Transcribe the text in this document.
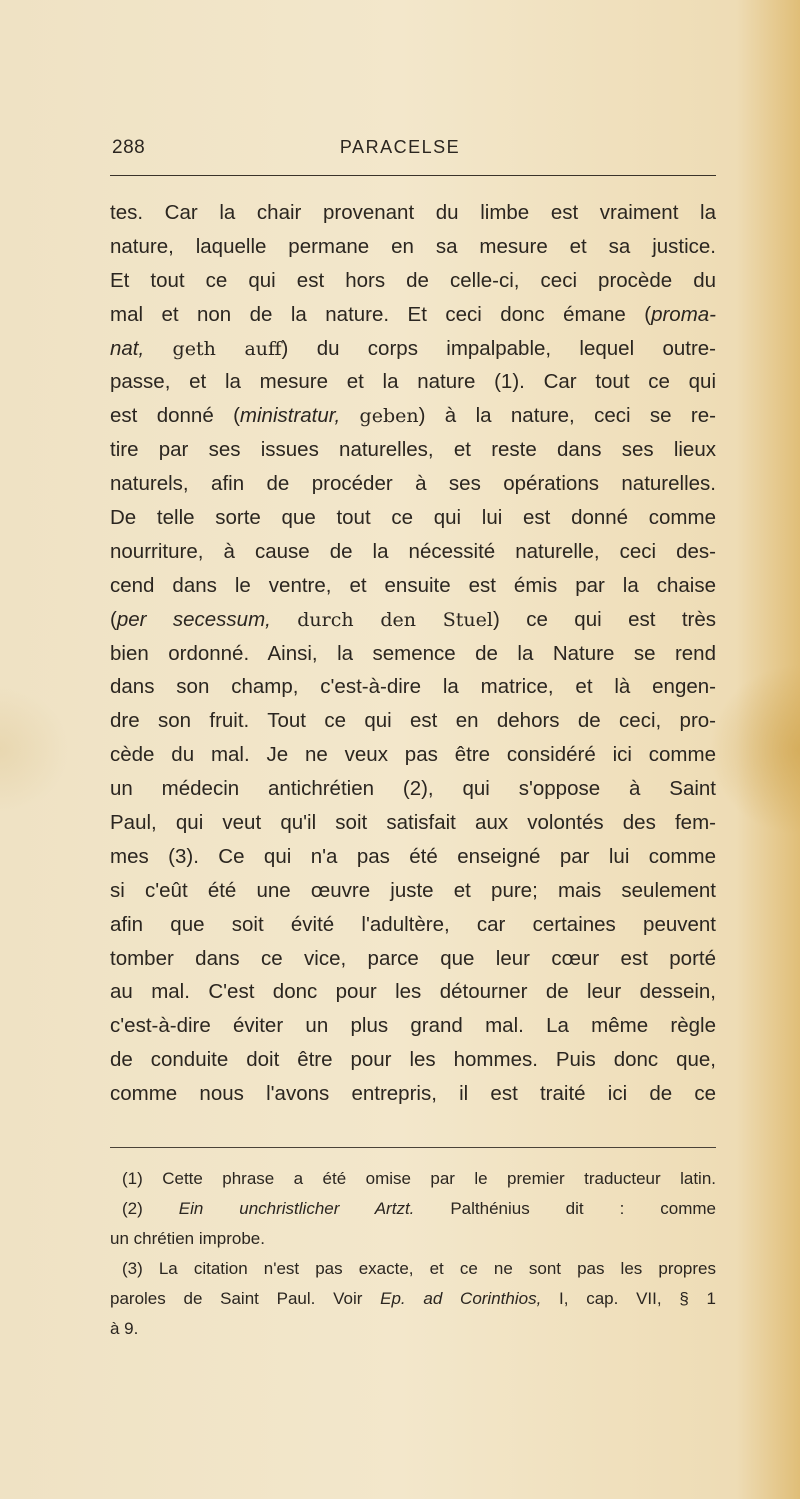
288	PARACELSE
tes. Car la chair provenant du limbe est vraiment la
nature, laquelle permane en sa mesure et sa justice.
Et tout ce qui est hors de celle-ci, ceci procède du
mal et non de la nature. Et ceci donc émane (proma-
nat, geth auff) du corps impalpable, lequel outre-
passe, et la mesure et la nature (1). Car tout ce qui
est donné (ministratur, geben) à la nature, ceci se re-
tire par ses issues naturelles, et reste dans ses lieux
naturels, afin de procéder à ses opérations naturelles.
De telle sorte que tout ce qui lui est donné comme
nourriture, à cause de la nécessité naturelle, ceci des-
cend dans le ventre, et ensuite est émis par la chaise
(per secessum, durch den Stuel) ce qui est très
bien ordonné. Ainsi, la semence de la Nature se rend
dans son champ, c'est-à-dire la matrice, et là engen-
dre son fruit. Tout ce qui est en dehors de ceci, pro-
cède du mal. Je ne veux pas être considéré ici comme
un médecin antichrétien (2), qui s'oppose à Saint
Paul, qui veut qu'il soit satisfait aux volontés des fem-
mes (3). Ce qui n'a pas été enseigné par lui comme
si c'eût été une œuvre juste et pure; mais seulement
afin que soit évité l'adultère, car certaines peuvent
tomber dans ce vice, parce que leur cœur est porté
au mal. C'est donc pour les détourner de leur dessein,
c'est-à-dire éviter un plus grand mal. La même règle
de conduite doit être pour les hommes. Puis donc que,
comme nous l'avons entrepris, il est traité ici de ce
(1) Cette phrase a été omise par le premier traducteur latin.
(2) Ein unchristlicher Artzt. Palthénius dit : comme
un chrétien improbe.
(3) La citation n'est pas exacte, et ce ne sont pas les propres
paroles de Saint Paul. Voir Ep. ad Corinthios, I, cap. VII, § 1
à 9.
